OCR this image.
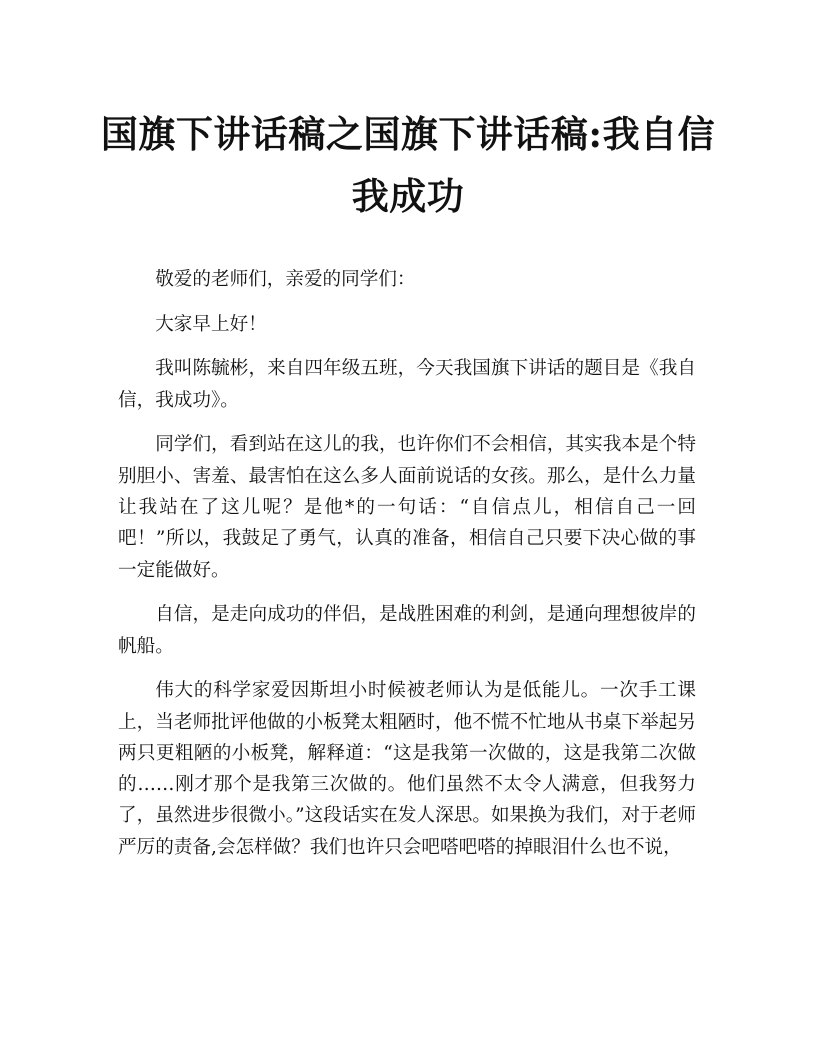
国旗下讲话稿之国旗下讲话稿:我自信我成功

敬爱的老师们，亲爱的同学们：

大家早上好！

我叫陈毓彬，来自四年级五班，今天我国旗下讲话的题目是《我自信，我成功》。

同学们，看到站在这儿的我，也许你们不会相信，其实我本是个特别胆小、害羞、最害怕在这么多人面前说话的女孩。那么，是什么力量让我站在了这儿呢？是他*的一句话：“自信点儿，相信自己一回吧！”所以，我鼓足了勇气，认真的准备，相信自己只要下决心做的事一定能做好。

自信，是走向成功的伴侣，是战胜困难的利剑，是通向理想彼岸的帆船。

伟大的科学家爱因斯坦小时候被老师认为是低能儿。一次手工课上，当老师批评他做的小板凳太粗陋时，他不慌不忙地从书桌下举起另两只更粗陋的小板凳，解释道：“这是我第一次做的，这是我第二次做的……刚才那个是我第三次做的。他们虽然不太令人满意，但我努力了，虽然进步很微小。”这段话实在发人深思。如果换为我们，对于老师严厉的责备,会怎样做？我们也许只会吧嗒吧嗒的掉眼泪什么也不说，
